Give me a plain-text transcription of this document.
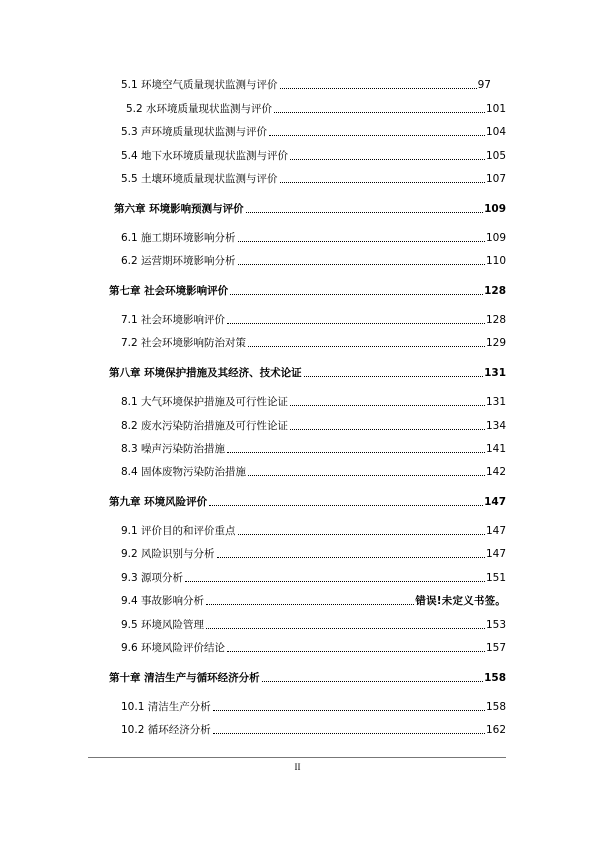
5.1 环境空气质量现状监测与评价	97
5.2 水环境质量现状监测与评价	101
5.3 声环境质量现状监测与评价	104
5.4 地下水环境质量现状监测与评价	105
5.5 土壤环境质量现状监测与评价	107
第六章 环境影响预测与评价	109
6.1 施工期环境影响分析	109
6.2 运营期环境影响分析	110
第七章 社会环境影响评价	128
7.1 社会环境影响评价	128
7.2 社会环境影响防治对策	129
第八章 环境保护措施及其经济、技术论证	131
8.1 大气环境保护措施及可行性论证	131
8.2 废水污染防治措施及可行性论证	134
8.3 噪声污染防治措施	141
8.4 固体废物污染防治措施	142
第九章 环境风险评价	147
9.1 评价目的和评价重点	147
9.2 风险识别与分析	147
9.3 源项分析	151
9.4 事故影响分析	错误!未定义书签。
9.5 环境风险管理	153
9.6 环境风险评价结论	157
第十章 清洁生产与循环经济分析	158
10.1 清洁生产分析	158
10.2 循环经济分析	162
II
